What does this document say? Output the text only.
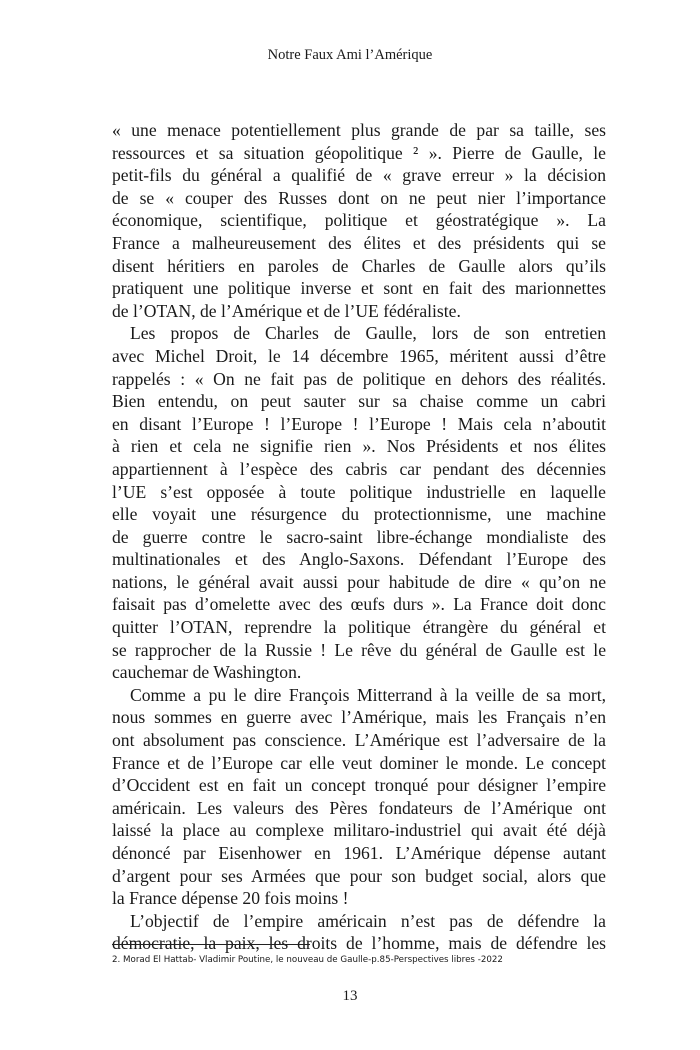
Notre Faux Ami l’Amérique
« une menace potentiellement plus grande de par sa taille, ses
ressources et sa situation géopolitique ² ». Pierre de Gaulle, le
petit-fils du général a qualifié de « grave erreur » la décision
de se « couper des Russes dont on ne peut nier l’importance
économique, scientifique, politique et géostratégique ». La
France a malheureusement des élites et des présidents qui se
disent héritiers en paroles de Charles de Gaulle alors qu’ils
pratiquent une politique inverse et sont en fait des marionnettes
de l’OTAN, de l’Amérique et de l’UE fédéraliste.
Les propos de Charles de Gaulle, lors de son entretien
avec Michel Droit, le 14 décembre 1965, méritent aussi d’être
rappelés : « On ne fait pas de politique en dehors des réalités.
Bien entendu, on peut sauter sur sa chaise comme un cabri
en disant l’Europe ! l’Europe ! l’Europe ! Mais cela n’aboutit
à rien et cela ne signifie rien ». Nos Présidents et nos élites
appartiennent à l’espèce des cabris car pendant des décennies
l’UE s’est opposée à toute politique industrielle en laquelle
elle voyait une résurgence du protectionnisme, une machine
de guerre contre le sacro-saint libre-échange mondialiste des
multinationales et des Anglo-Saxons. Défendant l’Europe des
nations, le général avait aussi pour habitude de dire « qu’on ne
faisait pas d’omelette avec des œufs durs ». La France doit donc
quitter l’OTAN, reprendre la politique étrangère du général et
se rapprocher de la Russie ! Le rêve du général de Gaulle est le
cauchemar de Washington.
Comme a pu le dire François Mitterrand à la veille de sa mort,
nous sommes en guerre avec l’Amérique, mais les Français n’en
ont absolument pas conscience. L’Amérique est l’adversaire de la
France et de l’Europe car elle veut dominer le monde. Le concept
d’Occident est en fait un concept tronqué pour désigner l’empire
américain. Les valeurs des Pères fondateurs de l’Amérique ont
laissé la place au complexe militaro-industriel qui avait été déjà
dénoncé par Eisenhower en 1961. L’Amérique dépense autant
d’argent pour ses Armées que pour son budget social, alors que
la France dépense 20 fois moins !
L’objectif de l’empire américain n’est pas de défendre la
démocratie, la paix, les droits de l’homme, mais de défendre les
2. Morad El Hattab- Vladimir Poutine, le nouveau de Gaulle-p.85-Perspectives libres -2022
13
